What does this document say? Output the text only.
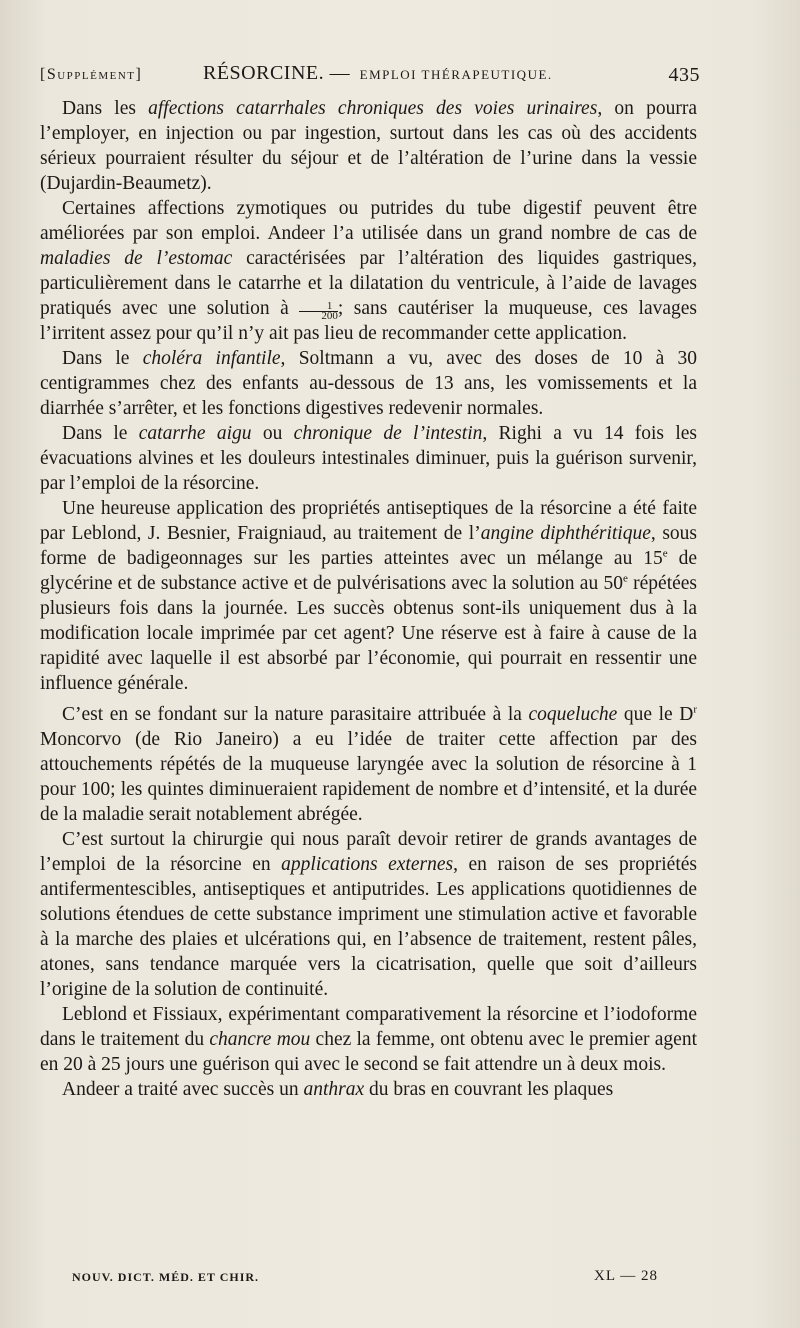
[Supplément]	RÉSORCINE. — EMPLOI THÉRAPEUTIQUE.	435

Dans les affections catarrhales chroniques des voies urinaires, on pourra l’employer, en injection ou par ingestion, surtout dans les cas où des accidents sérieux pourraient résulter du séjour et de l’altération de l’urine dans la vessie (Dujardin-Beaumetz).

Certaines affections zymotiques ou putrides du tube digestif peuvent être améliorées par son emploi. Andeer l’a utilisée dans un grand nombre de cas de maladies de l’estomac caractérisées par l’altération des liquides gastriques, particulièrement dans le catarrhe et la dilatation du ventricule, à l’aide de lavages pratiqués avec une solution à $\frac{1}{200}$ ; sans cautériser la muqueuse, ces lavages l’irritent assez pour qu’il n’y ait pas lieu de recommander cette application.

Dans le choléra infantile, Soltmann a vu, avec des doses de 10 à 30 centigrammes chez des enfants au-dessous de 13 ans, les vomissements et la diarrhée s’arrêter, et les fonctions digestives redevenir normales.

Dans le catarrhe aigu ou chronique de l’intestin, Righi a vu 14 fois les évacuations alvines et les douleurs intestinales diminuer, puis la guérison survenir, par l’emploi de la résorcine.

Une heureuse application des propriétés antiseptiques de la résorcine a été faite par Leblond, J. Besnier, Fraigniaud, au traitement de l’angine diphthéritique, sous forme de badigeonnages sur les parties atteintes avec un mélange au 15e de glycérine et de substance active et de pulvérisations avec la solution au 50e répétées plusieurs fois dans la journée. Les succès obtenus sont-ils uniquement dus à la modification locale imprimée par cet agent? Une réserve est à faire à cause de la rapidité avec laquelle il est absorbé par l’économie, qui pourrait en ressentir une influence générale.

C’est en se fondant sur la nature parasitaire attribuée à la coqueluche que le $D^r$ Moncorvo (de Rio Janeiro) a eu l’idée de traiter cette affection par des attouchements répétés de la muqueuse laryngée avec la solution de résorcine à 1 pour 100; les quintes diminueraient rapidement de nombre et d’intensité, et la durée de la maladie serait notablement abrégée.

C’est surtout la chirurgie qui nous paraît devoir retirer de grands avantages de l’emploi de la résorcine en applications externes, en raison de ses propriétés antifermentescibles, antiseptiques et antiputrides. Les applications quotidiennes de solutions étendues de cette substance impriment une stimulation active et favorable à la marche des plaies et ulcérations qui, en l’absence de traitement, restent pâles, atones, sans tendance marquée vers la cicatrisation, quelle que soit d’ailleurs l’origine de la solution de continuité.

Leblond et Fissiaux, expérimentant comparativement la résorcine et l’iodoforme dans le traitement du chancre mou chez la femme, ont obtenu avec le premier agent en 20 à 25 jours une guérison qui avec le second se fait attendre un à deux mois.

Andeer a traité avec succès un anthrax du bras en couvrant les plaques

NOUV. DICT. MÉD. ET CHIR.	XL — 28
